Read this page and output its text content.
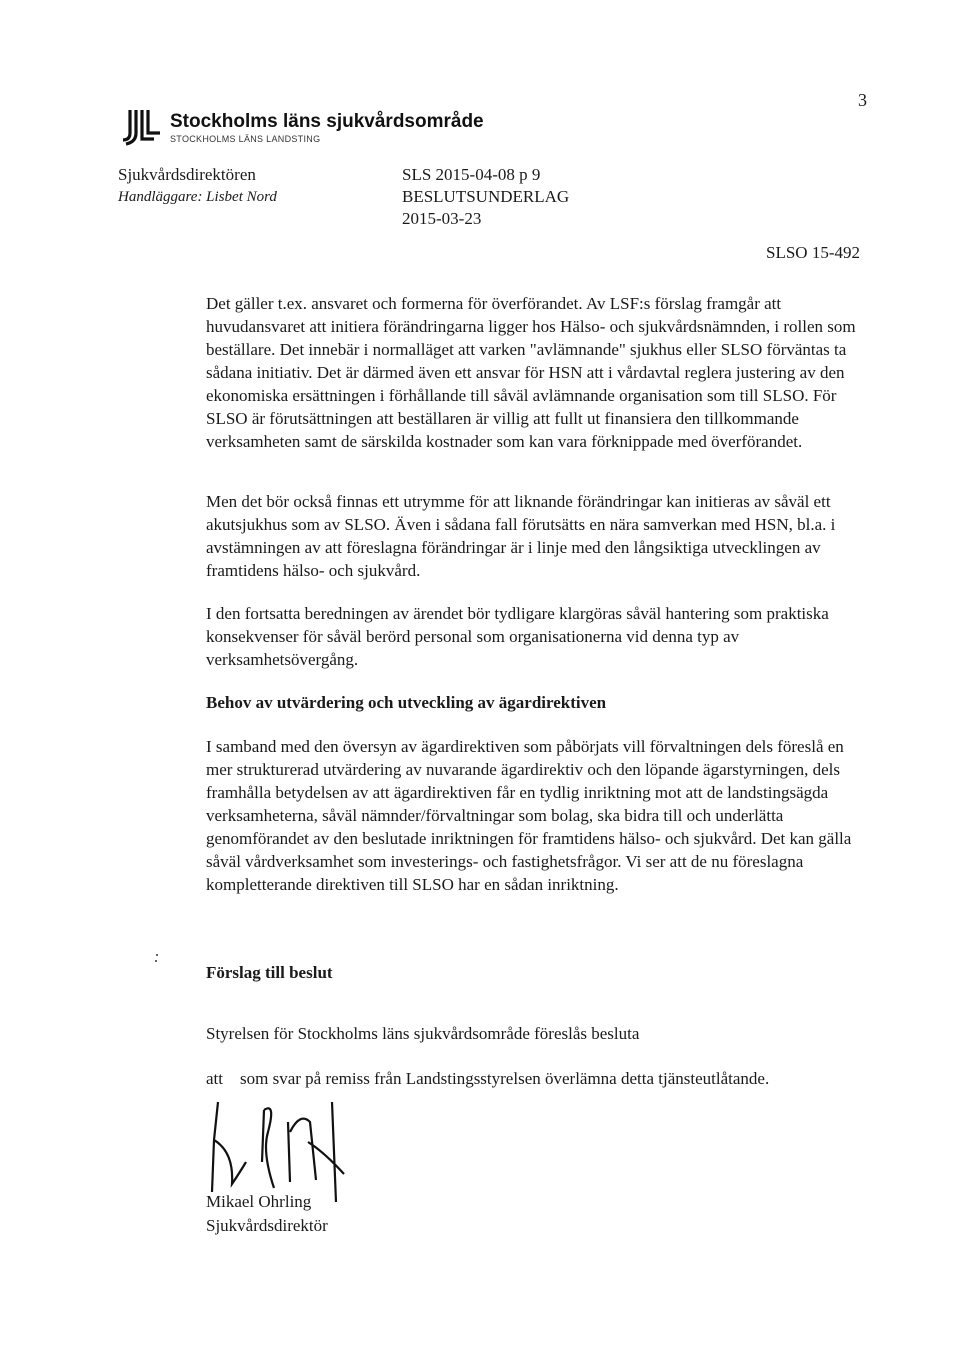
3
Stockholms läns sjukvårdsområde
STOCKHOLMS LÄNS LANDSTING
Sjukvårdsdirektören
Handläggare: Lisbet Nord
SLS 2015-04-08 p 9
BESLUTSUNDERLAG
2015-03-23
SLSO 15-492

Det gäller t.ex. ansvaret och formerna för överförandet. Av LSF:s förslag framgår att huvudansvaret att initiera förändringarna ligger hos Hälso- och sjukvårdsnämnden, i rollen som beställare. Det innebär i normalläget att varken "avlämnande" sjukhus eller SLSO förväntas ta sådana initiativ. Det är därmed även ett ansvar för HSN att i vårdavtal reglera justering av den ekonomiska ersättningen i förhållande till såväl avlämnande organisation som till SLSO. För SLSO är förutsättningen att beställaren är villig att fullt ut finansiera den tillkommande verksamheten samt de särskilda kostnader som kan vara förknippade med överförandet.

Men det bör också finnas ett utrymme för att liknande förändringar kan initieras av såväl ett akutsjukhus som av SLSO. Även i sådana fall förutsätts en nära samverkan med HSN, bl.a. i avstämningen av att föreslagna förändringar är i linje med den långsiktiga utvecklingen av framtidens hälso- och sjukvård.

I den fortsatta beredningen av ärendet bör tydligare klargöras såväl hantering som praktiska konsekvenser för såväl berörd personal som organisationerna vid denna typ av verksamhetsövergång.

Behov av utvärdering och utveckling av ägardirektiven

I samband med den översyn av ägardirektiven som påbörjats vill förvaltningen dels föreslå en mer strukturerad utvärdering av nuvarande ägardirektiv och den löpande ägarstyrningen, dels framhålla betydelsen av att ägardirektiven får en tydlig inriktning mot att de landstingsägda verksamheterna, såväl nämnder/förvaltningar som bolag, ska bidra till och underlätta genomförandet av den beslutade inriktningen för framtidens hälso- och sjukvård. Det kan gälla såväl vårdverksamhet som investerings- och fastighetsfrågor. Vi ser att de nu föreslagna kompletterande direktiven till SLSO har en sådan inriktning.

Förslag till beslut

Styrelsen för Stockholms läns sjukvårdsområde föreslås besluta

att    som svar på remiss från Landstingsstyrelsen överlämna detta tjänsteutlåtande.

Mikael Ohrling
Sjukvårdsdirektör
